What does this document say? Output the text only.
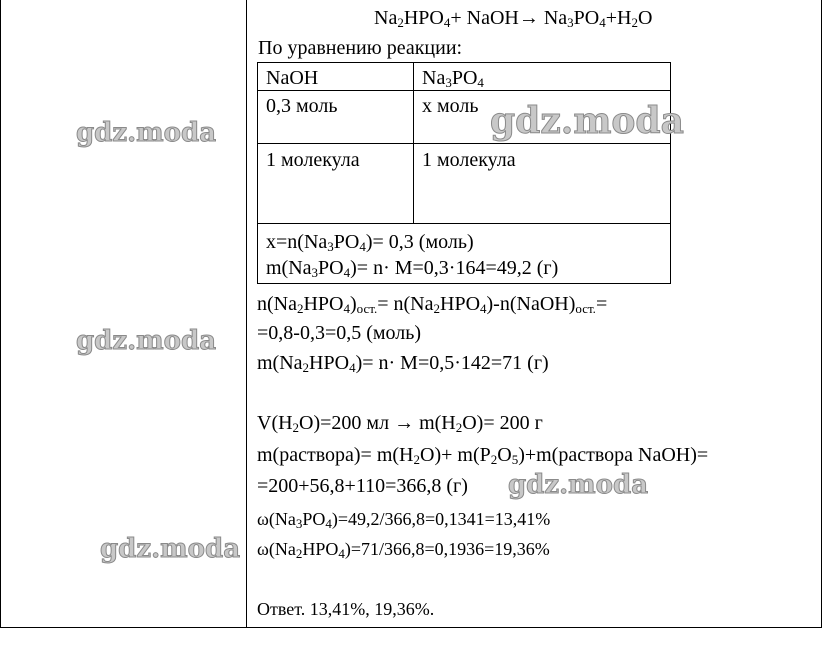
$Na_2HPO_4+$ NaOH→ $Na_3PO_4+H_2O$
По уравнению реакции:
NaOH	$Na_3PO_4$
0,3 моль	x моль
1 молекула	1 молекула
$x=n(Na_3PO_4)= 0,3$ (моль)
$m(Na_3PO_4)= n\cdot M=0,3\cdot 164=49,2$ (г)
$n(Na_2HPO_4)_{ост.}=$ $n(Na_2HPO_4)-n(NaOH)_{ост.}=$
=0,8-0,3=0,5 (моль)
$m(Na_2HPO_4)= n\cdot M=0,5\cdot 142=71$ (г)
$V(H_2O)=200$ мл → $m(H_2O)= 200$ г
m(раствора)= $m(H_2O)+$ $m(P_2O_5)+m(раствора$ NaOH)=
=200+56,8+110=366,8 (г)
$\omega(Na_3PO_4)=49,2/366,8=0,1341=13,41\%$
$\omega(Na_2HPO_4)=71/366,8=0,1936=19,36\%$
Ответ. 13,41%, 19,36%.
gdz.moda	gdz.moda
gdz.moda
gdz.moda
gdz.moda
